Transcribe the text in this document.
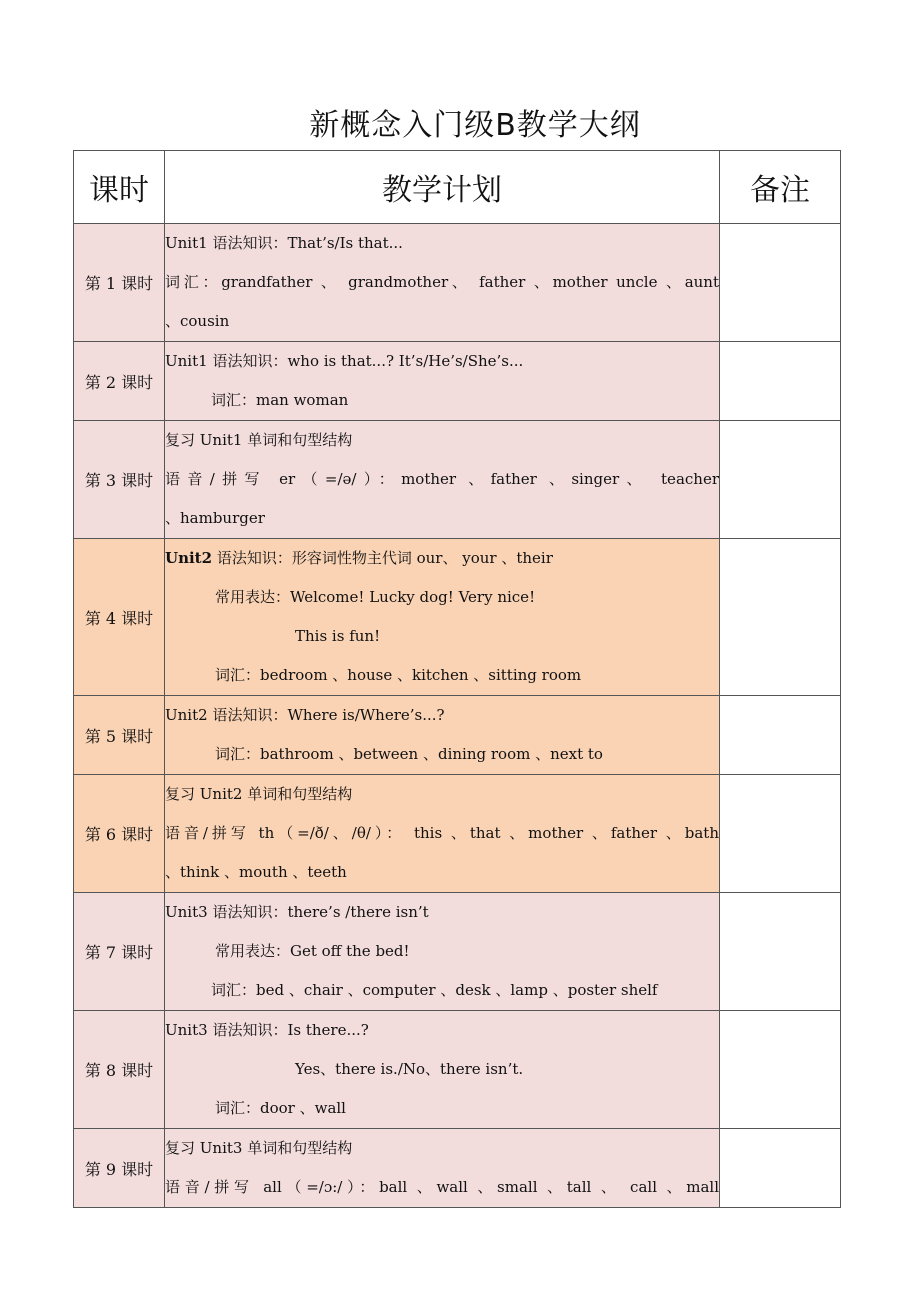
新概念入门级B教学大纲
课时	教学计划	备注
第 1 课时	Unit1 语法知识：That’s/Is that...
词汇：grandfather 、 grandmother、 father 、mother uncle 、aunt
、cousin	

第 2 课时	Unit1 语法知识：who is that...? It’s/He’s/She’s...
词汇：man woman	

第 3 课时	复习 Unit1 单词和句型结构
语音/拼写 er（=/ə/）：mother 、father 、singer、 teacher
、hamburger	

第 4 课时	Unit2 语法知识：形容词性物主代词 our、 your 、their
常用表达：Welcome! Lucky dog! Very nice!
This is fun!
词汇：bedroom 、house 、kitchen 、sitting room	

第 5 课时	Unit2 语法知识：Where is/Where’s...?
词汇：bathroom 、between 、dining room 、next to	

第 6 课时	复习 Unit2 单词和句型结构
语音/拼写 th（=/ð/、/θ/）： this 、that 、mother 、father 、bath
、think 、mouth 、teeth	

第 7 课时	Unit3 语法知识：there’s /there isn’t
常用表达：Get off the bed!
词汇：bed 、chair 、computer 、desk 、lamp 、poster shelf	

第 8 课时	Unit3 语法知识：Is there...?
Yes、there is./No、there isn’t.
词汇：door 、wall	

第 9 课时	复习 Unit3 单词和句型结构
语音/拼写 all（=/ɔ:/）：ball 、wall 、small 、tall 、 call 、mall	
